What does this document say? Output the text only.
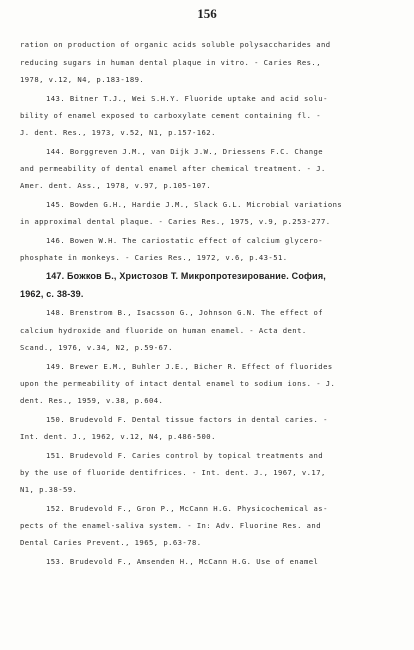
156
ration on production of organic acids soluble polysaccharides and
reducing sugars in human dental plaque in vitro. - Caries Res.,
1978, v.12, N4, p.183-189.
143. Bitner T.J., Wei S.H.Y. Fluoride uptake and acid solu-
bility of enamel exposed to carboxylate cement containing fl. -
J. dent. Res., 1973, v.52, N1, p.157-162.
144. Borggreven J.M., van Dijk J.W., Driessens F.C. Change
and permeability of dental enamel after chemical treatment. - J.
Amer. dent. Ass., 1978, v.97, p.105-107.
145. Bowden G.H., Hardie J.M., Slack G.L. Microbial variations
in approximal dental plaque. - Caries Res., 1975, v.9, p.253-277.
146. Bowen W.H. The cariostatic effect of calcium glycero-
phosphate in monkeys. - Caries Res., 1972, v.6, p.43-51.
147. Божков Б., Христозов Т. Микропротезирование. София,
1962, с. 38-39.
148. Brenstrom B., Isacsson G., Johnson G.N. The effect of
calcium hydroxide and fluoride on human enamel. - Acta dent.
Scand., 1976, v.34, N2, p.59-67.
149. Brewer E.M., Buhler J.E., Bicher R. Effect of fluorides
upon the permeability of intact dental enamel to sodium ions. - J.
dent. Res., 1959, v.38, p.604.
150. Brudevold F. Dental tissue factors in dental caries. -
Int. dent. J., 1962, v.12, N4, p.486-500.
151. Brudevold F. Caries control by topical treatments and
by the use of fluoride dentifrices. - Int. dent. J., 1967, v.17,
N1, p.38-59.
152. Brudevold F., Gron P., McCann H.G. Physicochemical as-
pects of the enamel-saliva system. - In: Adv. Fluorine Res. and
Dental Caries Prevent., 1965, p.63-78.
153. Brudevold F., Amsenden H., McCann H.G. Use of enamel
